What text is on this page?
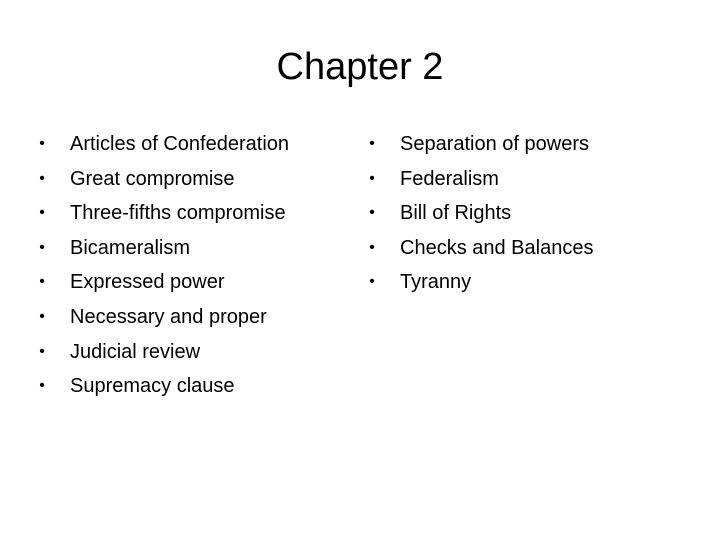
Chapter 2
• Articles of Confederation
• Great compromise
• Three-fifths compromise
• Bicameralism
• Expressed power
• Necessary and proper
• Judicial review
• Supremacy clause
• Separation of powers
• Federalism
• Bill of Rights
• Checks and Balances
• Tyranny
